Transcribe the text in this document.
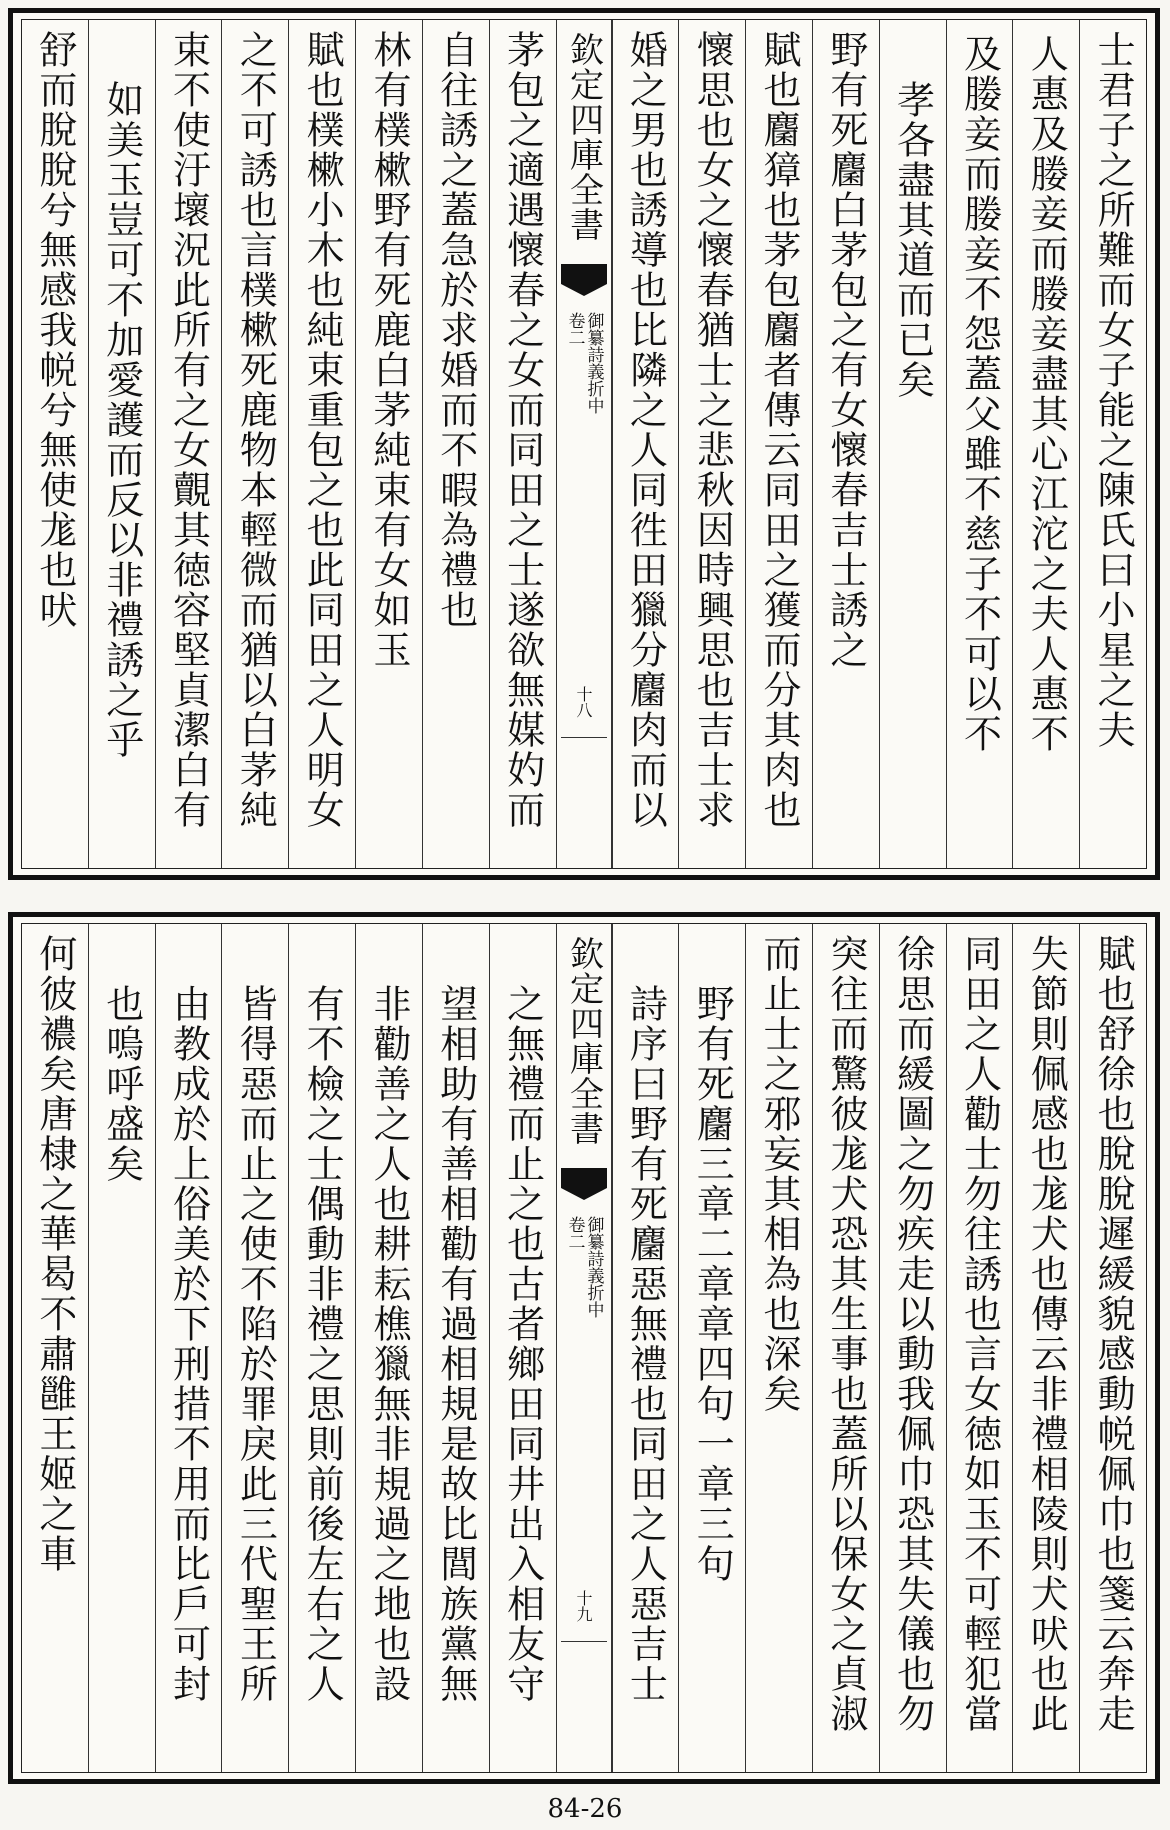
士君子之所難而女子能之陳氏曰小星之夫
人惠及媵妾而媵妾盡其心江沱之夫人惠不
及媵妾而媵妾不怨蓋父雖不慈子不可以不
孝各盡其道而已矣
野有死麕白茅包之有女懷春吉士誘之
賦也麕獐也茅包麕者傳云同田之獲而分其肉也
懷思也女之懷春猶士之悲秋因時興思也吉士求
婚之男也誘導也比隣之人同徃田獵分麕肉而以
欽定四庫全書
御纂詩義折中
卷二
十八
茅包之適遇懷春之女而同田之士遂欲無媒妁而
自往誘之蓋急於求婚而不暇為禮也
林有樸樕野有死鹿白茅純束有女如玉
賦也樸樕小木也純束重包之也此同田之人明女
之不可誘也言樸樕死鹿物本輕微而猶以白茅純
束不使汙壞況此所有之女覿其徳容堅貞潔白有
如美玉豈可不加愛護而反以非禮誘之乎
舒而脫脫兮無感我帨兮無使尨也吠
賦也舒徐也脫脫遲緩貌感動帨佩巾也箋云奔走
失節則佩感也尨犬也傳云非禮相陵則犬吠也此
同田之人勸士勿往誘也言女徳如玉不可輕犯當
徐思而緩圖之勿疾走以動我佩巾恐其失儀也勿
突往而驚彼尨犬恐其生事也蓋所以保女之貞淑
而止士之邪妄其相為也深矣
野有死麕三章二章章四句一章三句
詩序曰野有死麕惡無禮也同田之人惡吉士
欽定四庫全書
御纂詩義折中
卷二
十九
之無禮而止之也古者鄉田同井出入相友守
望相助有善相勸有過相規是故比閭族黨無
非勸善之人也耕耘樵獵無非規過之地也設
有不檢之士偶動非禮之思則前後左右之人
皆得惡而止之使不陷於罪戾此三代聖王所
由教成於上俗美於下刑措不用而比戶可封
也嗚呼盛矣
何彼襛矣唐棣之華曷不肅雝王姬之車
84-26
